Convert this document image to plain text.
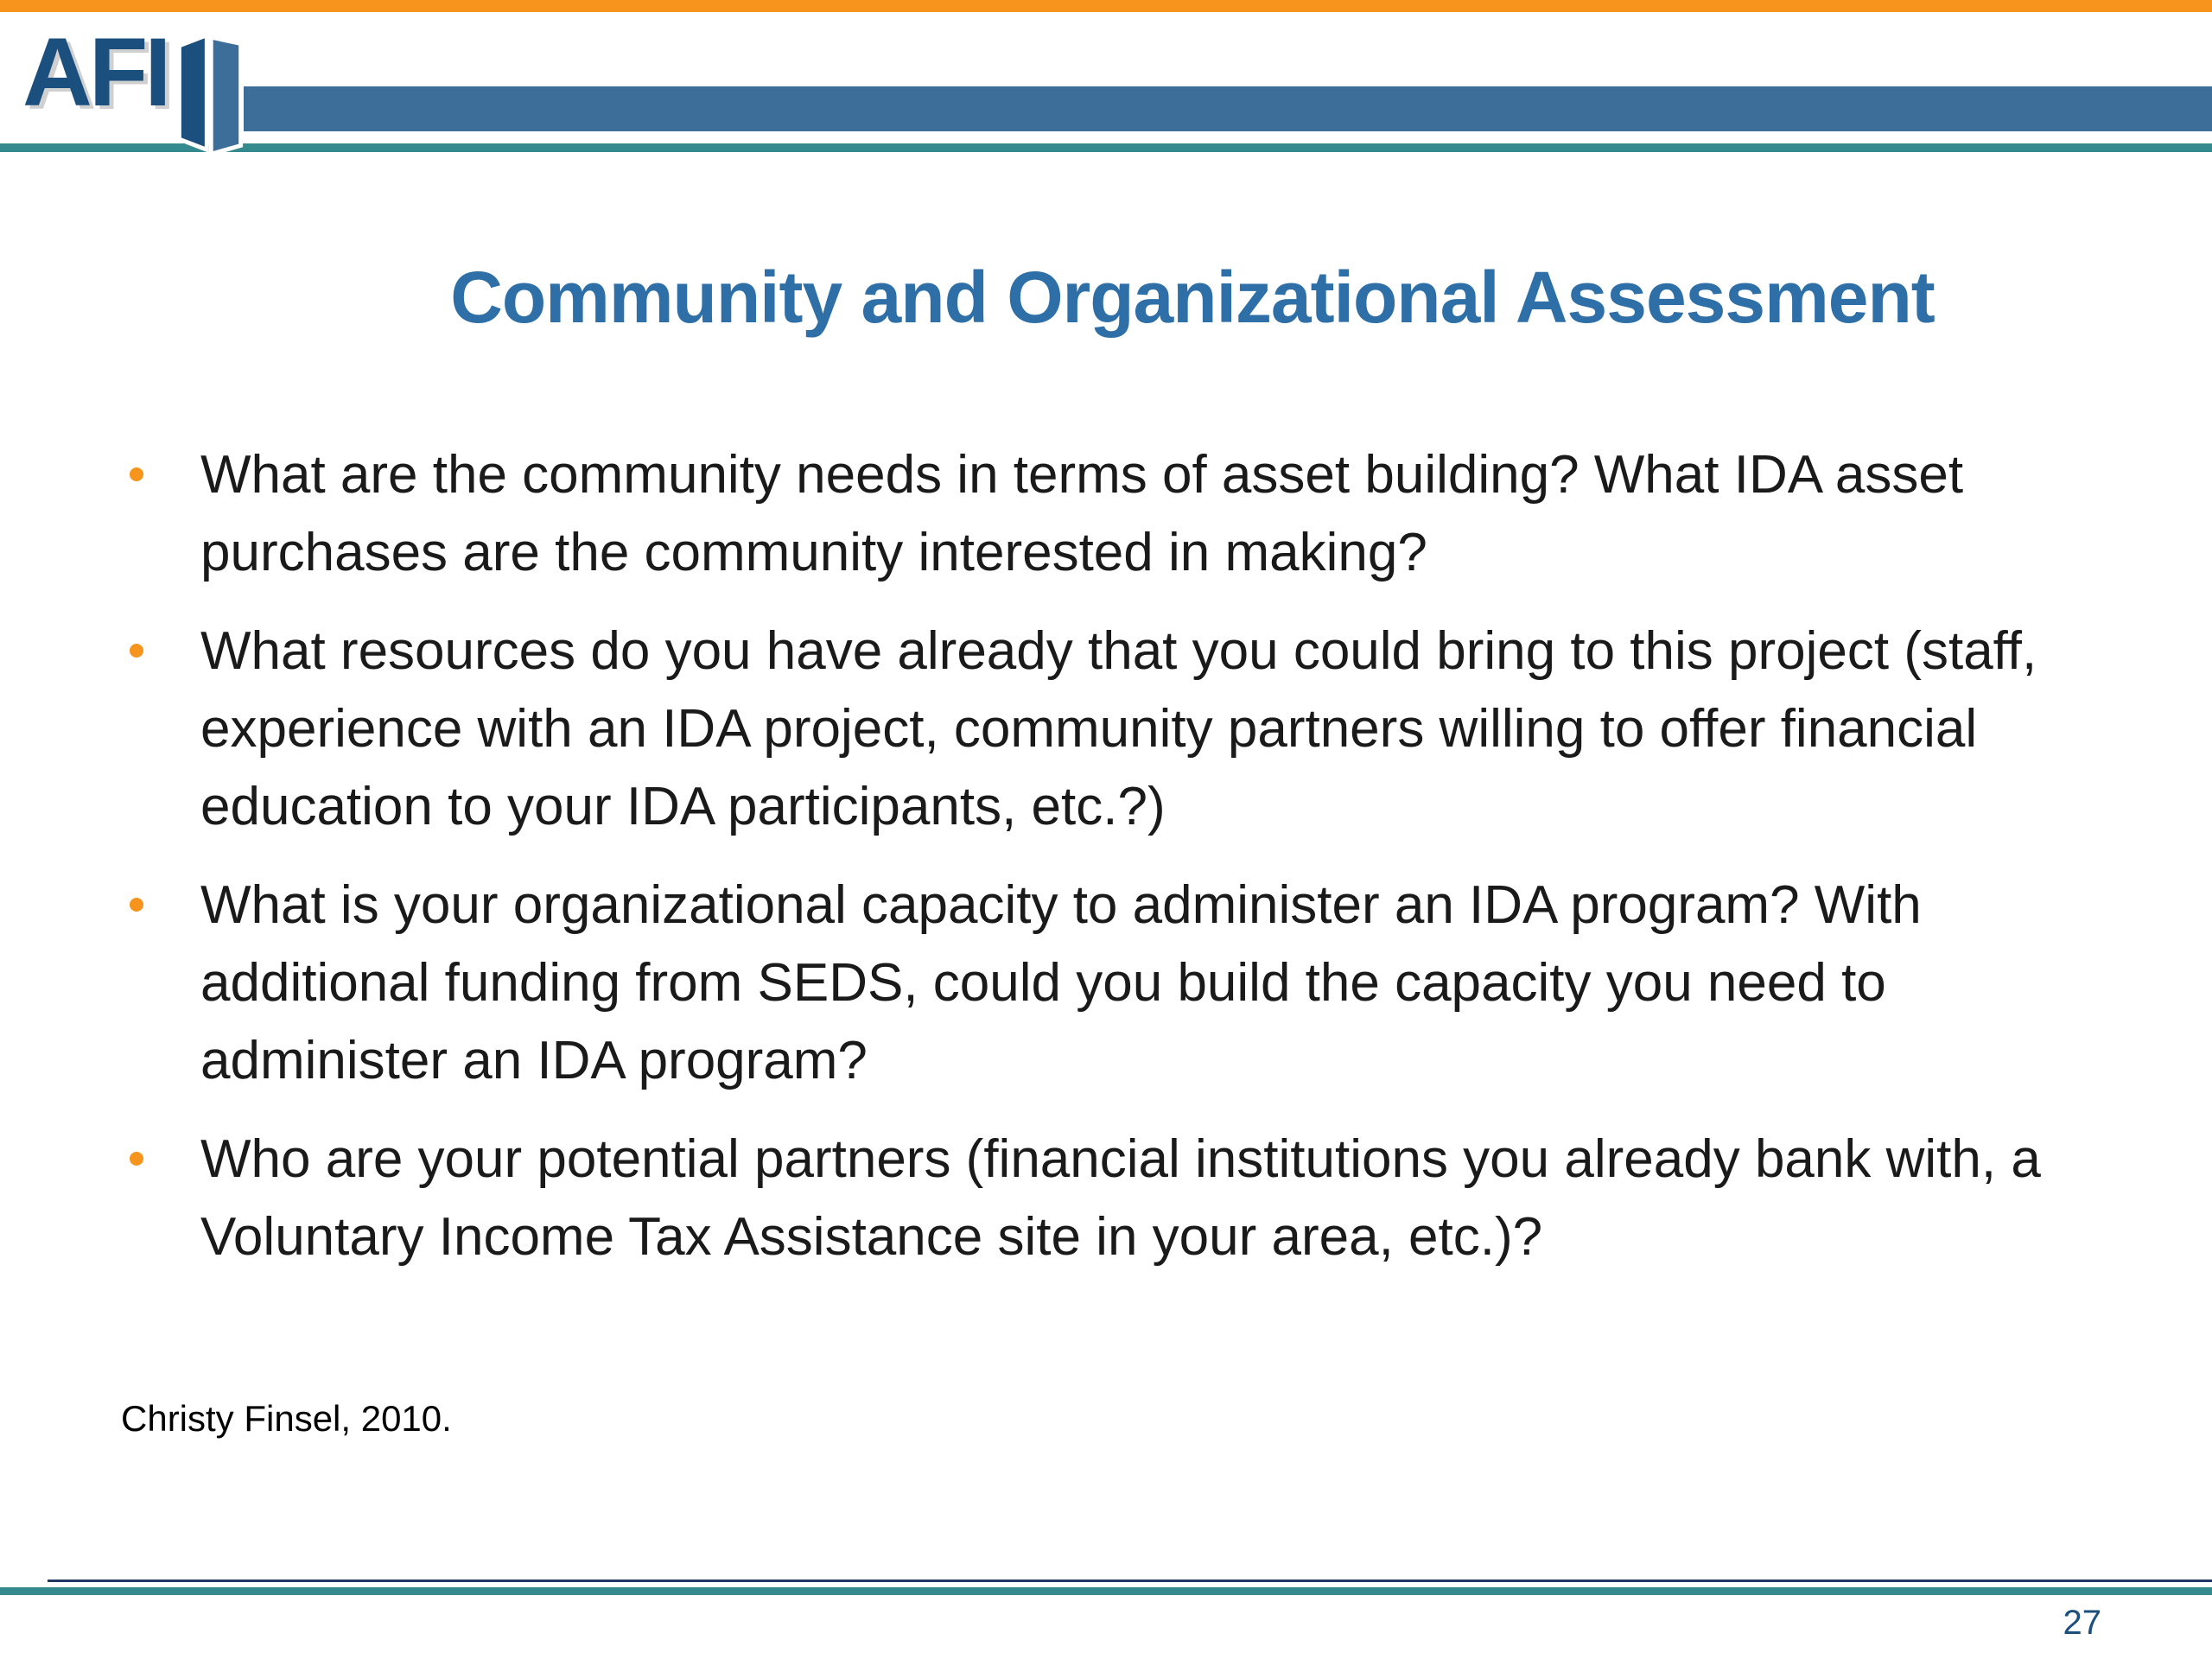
AFI
Community and Organizational Assessment
What are the community needs in terms of asset building? What IDA asset purchases are the community interested in making?
What resources do you have already that you could bring to this project (staff, experience with an IDA project, community partners willing to offer financial education to your IDA participants, etc.?)
What is your organizational capacity to administer an IDA program? With additional funding from SEDS, could you build the capacity you need to administer an IDA program?
Who are your potential partners (financial institutions you already bank with, a Voluntary Income Tax Assistance site in your area, etc.)?
Christy Finsel, 2010.
27
